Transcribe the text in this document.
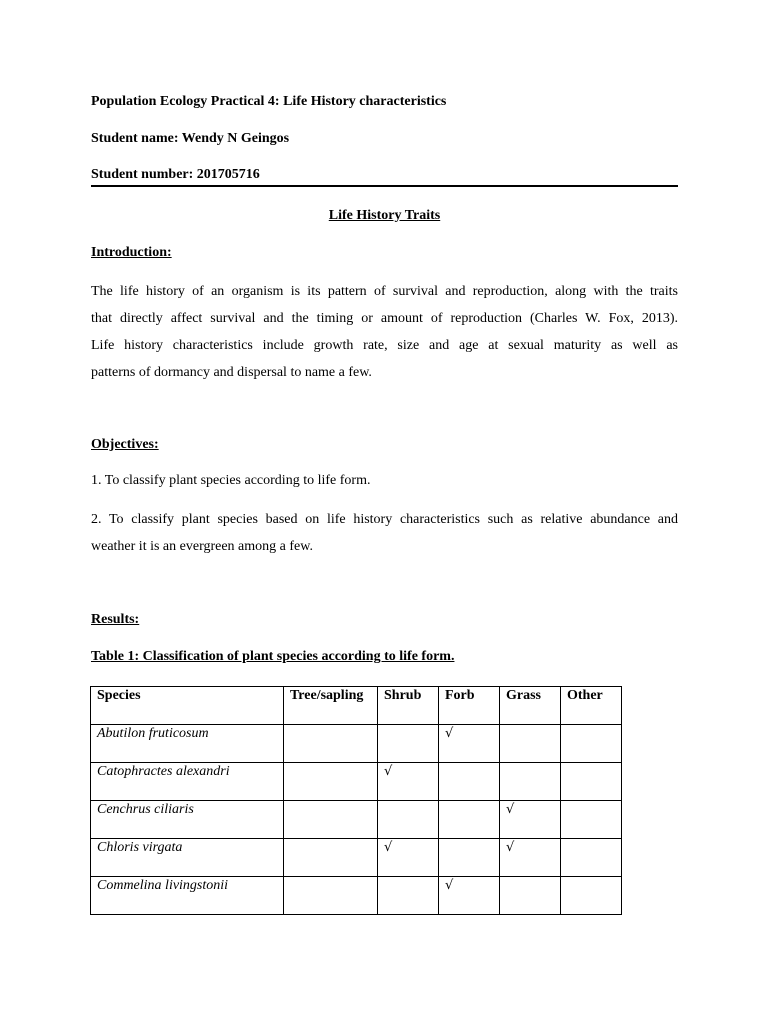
Population Ecology Practical 4: Life History characteristics
Student name: Wendy N Geingos
Student number: 201705716
Life History Traits
Introduction:
The life history of an organism is its pattern of survival and reproduction, along with the traits
that directly affect survival and the timing or amount of reproduction (Charles W. Fox, 2013).
Life history characteristics include growth rate, size and age at sexual maturity as well as
patterns of dormancy and dispersal to name a few.
Objectives:
1. To classify plant species according to life form.
2. To classify plant species based on life history characteristics such as relative abundance and
weather it is an evergreen among a few.
Results:
Table 1: Classification of plant species according to life form.
Species	Tree/sapling	Shrub	Forb	Grass	Other
Abutilon fruticosum			√		
Catophractes alexandri		√			
Cenchrus ciliaris				√	
Chloris virgata		√		√	
Commelina livingstonii			√		
